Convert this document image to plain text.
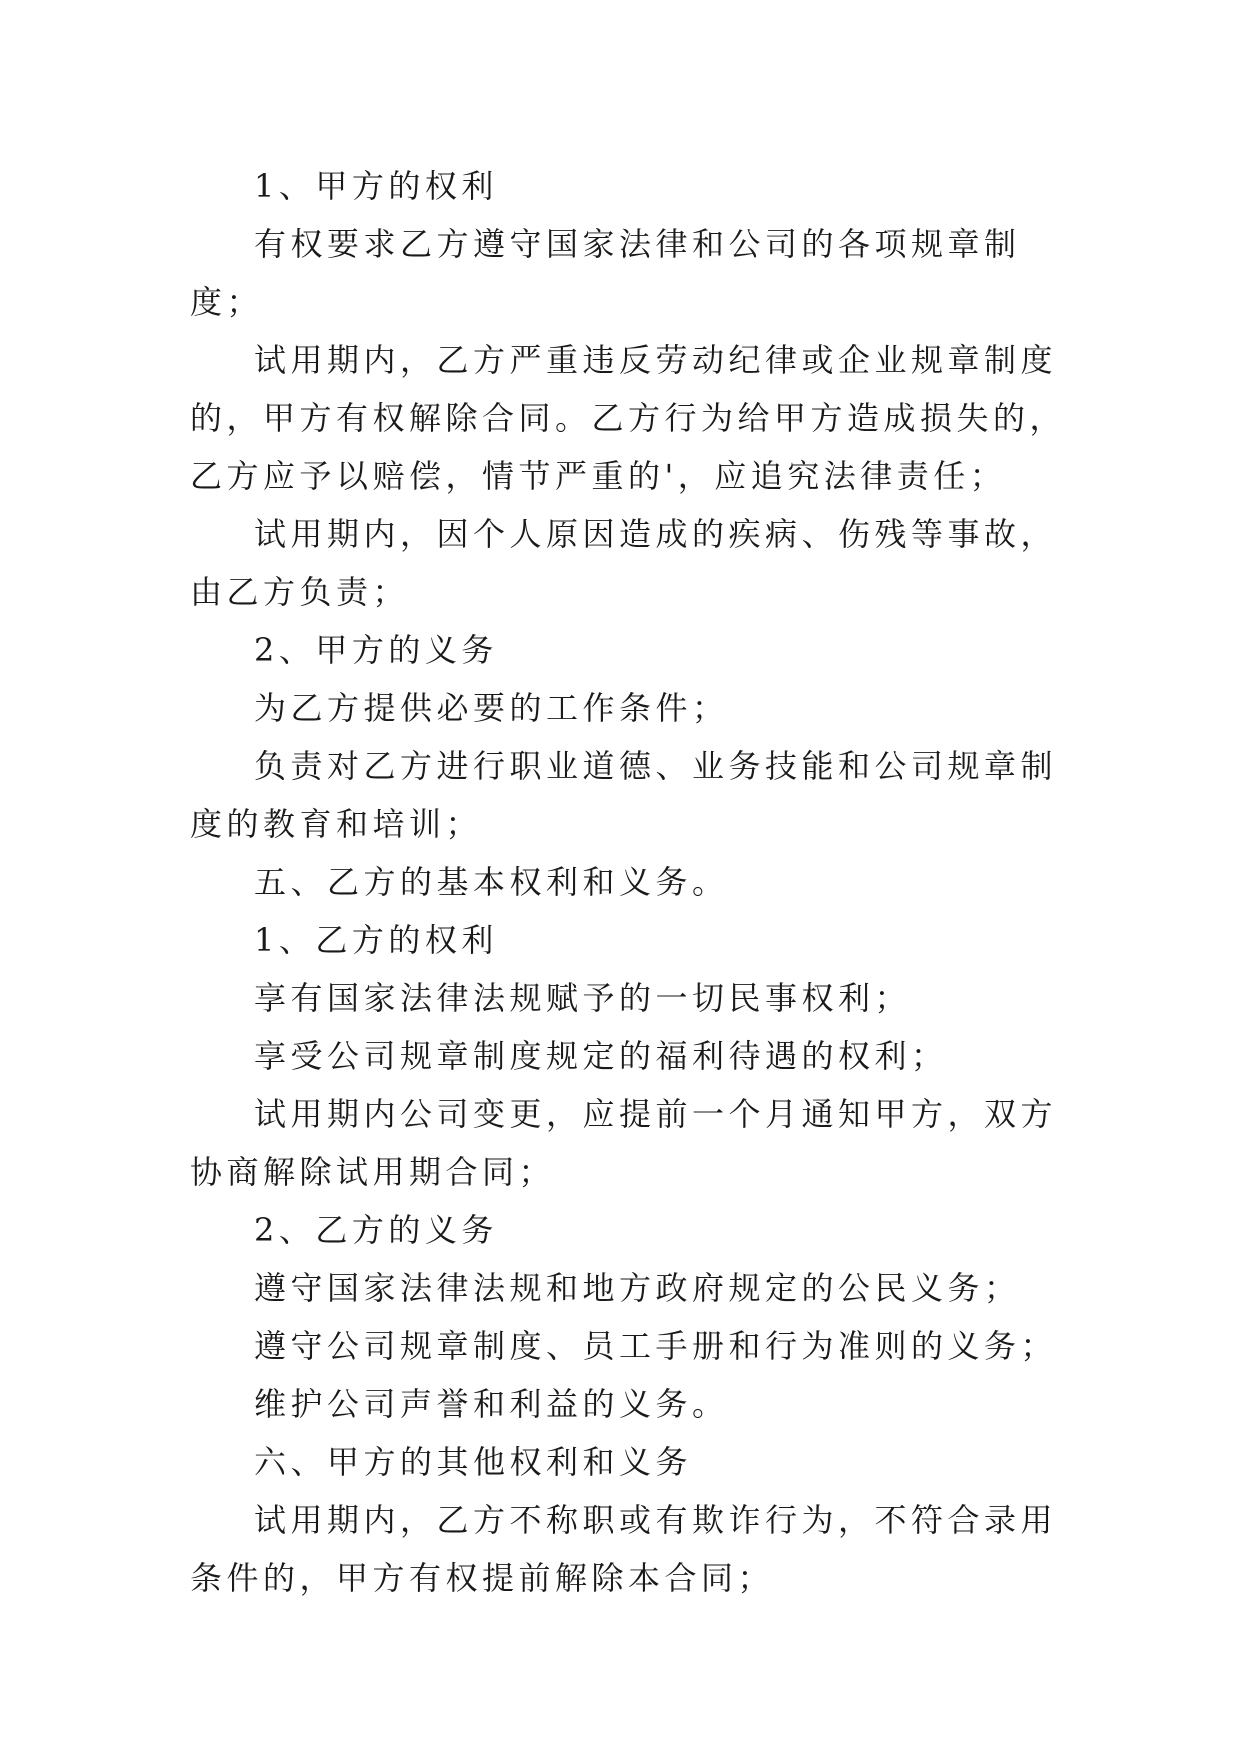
1、甲方的权利

有权要求乙方遵守国家法律和公司的各项规章制度；

试用期内，乙方严重违反劳动纪律或企业规章制度的，甲方有权解除合同。乙方行为给甲方造成损失的，乙方应予以赔偿，情节严重的'，应追究法律责任；

试用期内，因个人原因造成的疾病、伤残等事故，由乙方负责；

2、甲方的义务

为乙方提供必要的工作条件；

负责对乙方进行职业道德、业务技能和公司规章制度的教育和培训；

五、乙方的基本权利和义务。

1、乙方的权利

享有国家法律法规赋予的一切民事权利；

享受公司规章制度规定的福利待遇的权利；

试用期内公司变更，应提前一个月通知甲方，双方协商解除试用期合同；

2、乙方的义务

遵守国家法律法规和地方政府规定的公民义务；

遵守公司规章制度、员工手册和行为准则的义务；

维护公司声誉和利益的义务。

六、甲方的其他权利和义务

试用期内，乙方不称职或有欺诈行为，不符合录用条件的，甲方有权提前解除本合同；
